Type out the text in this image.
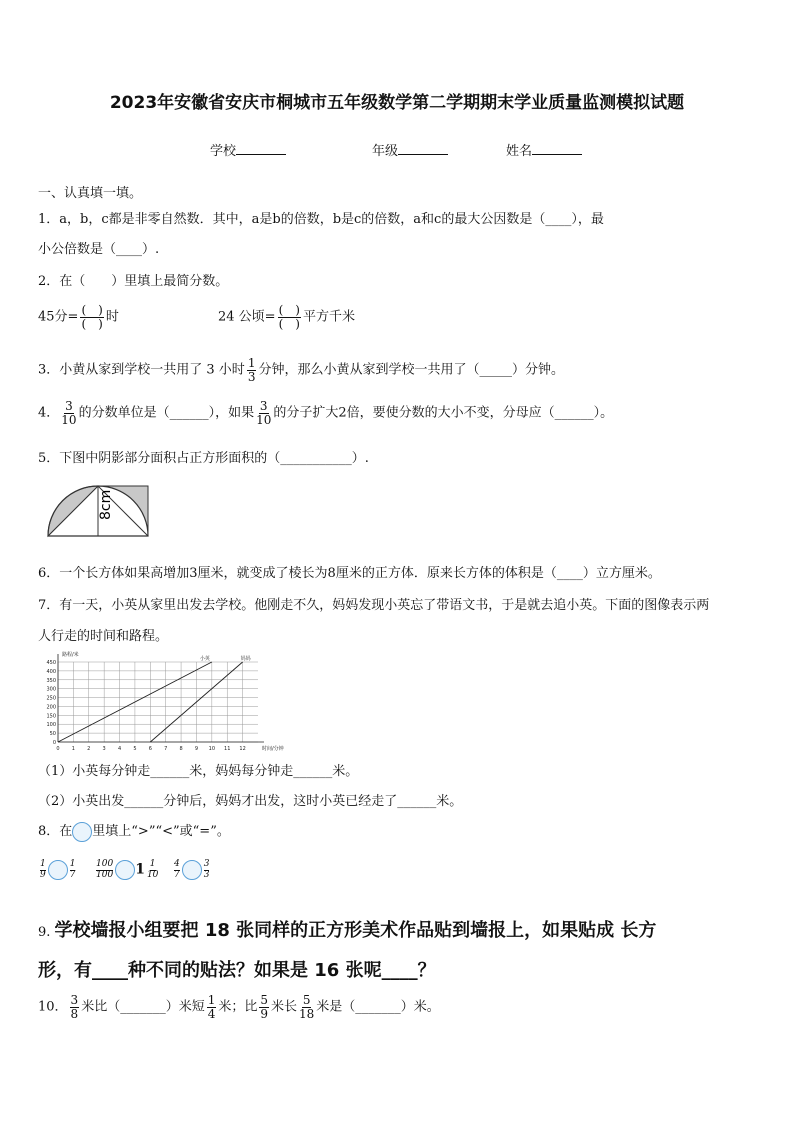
2023年安徽省安庆市桐城市五年级数学第二学期期末学业质量监测模拟试题
学校	年级	姓名
一、认真填一填。
1．a，b，c都是非零自然数．其中，a是b的倍数，b是c的倍数，a和c的最大公因数是（____），最
小公倍数是（____）.
2．在（　　）里填上最简分数。
45分= $\frac{( )}{( )}$ 时	24 公顷= $\frac{( )}{( )}$ 平方千米
3．小黄从家到学校一共用了 3 小时 $\frac{1}{3}$ 分钟，那么小黄从家到学校一共用了（_____）分钟。
4． $\frac{3}{10}$ 的分数单位是（______），如果 $\frac{3}{10}$ 的分子扩大2倍，要使分数的大小不变，分母应（______）。
5．下图中阴影部分面积占正方形面积的（___________）.
8cm
6．一个长方体如果高增加3厘米，就变成了棱长为8厘米的正方体．原来长方体的体积是（____）立方厘米。
7．有一天，小英从家里出发去学校。他刚走不久，妈妈发现小英忘了带语文书，于是就去追小英。下面的图像表示两
人行走的时间和路程。
0
50
100
150
200
250
300
350
400
450
0 1 2 3 4 5 6 7 8 9 10 11 12
路程/米
时间/分钟
小英	妈妈
（1）小英每分钟走______米，妈妈每分钟走______米。
（2）小英出发______分钟后，妈妈才出发，这时小英已经走了______米。
8．在 里填上“>”“<”或“=”。
$\frac{1}{9}$	$\frac{1}{7} \frac{100}{100} 1 \frac{1}{10} \frac{4}{7}$	$\frac{3}{3}$
9. 学校墙报小组要把 18 张同样的正方形美术作品贴到墙报上，如果贴成 长方
形，有____种不同的贴法？如果是 16 张呢____？
10． $\frac{3}{8}$ 米比（_______）米短 $\frac{1}{4}$ 米；比 $\frac{5}{9}$ 米长 $\frac{5}{18}$ 米是（_______）米。
